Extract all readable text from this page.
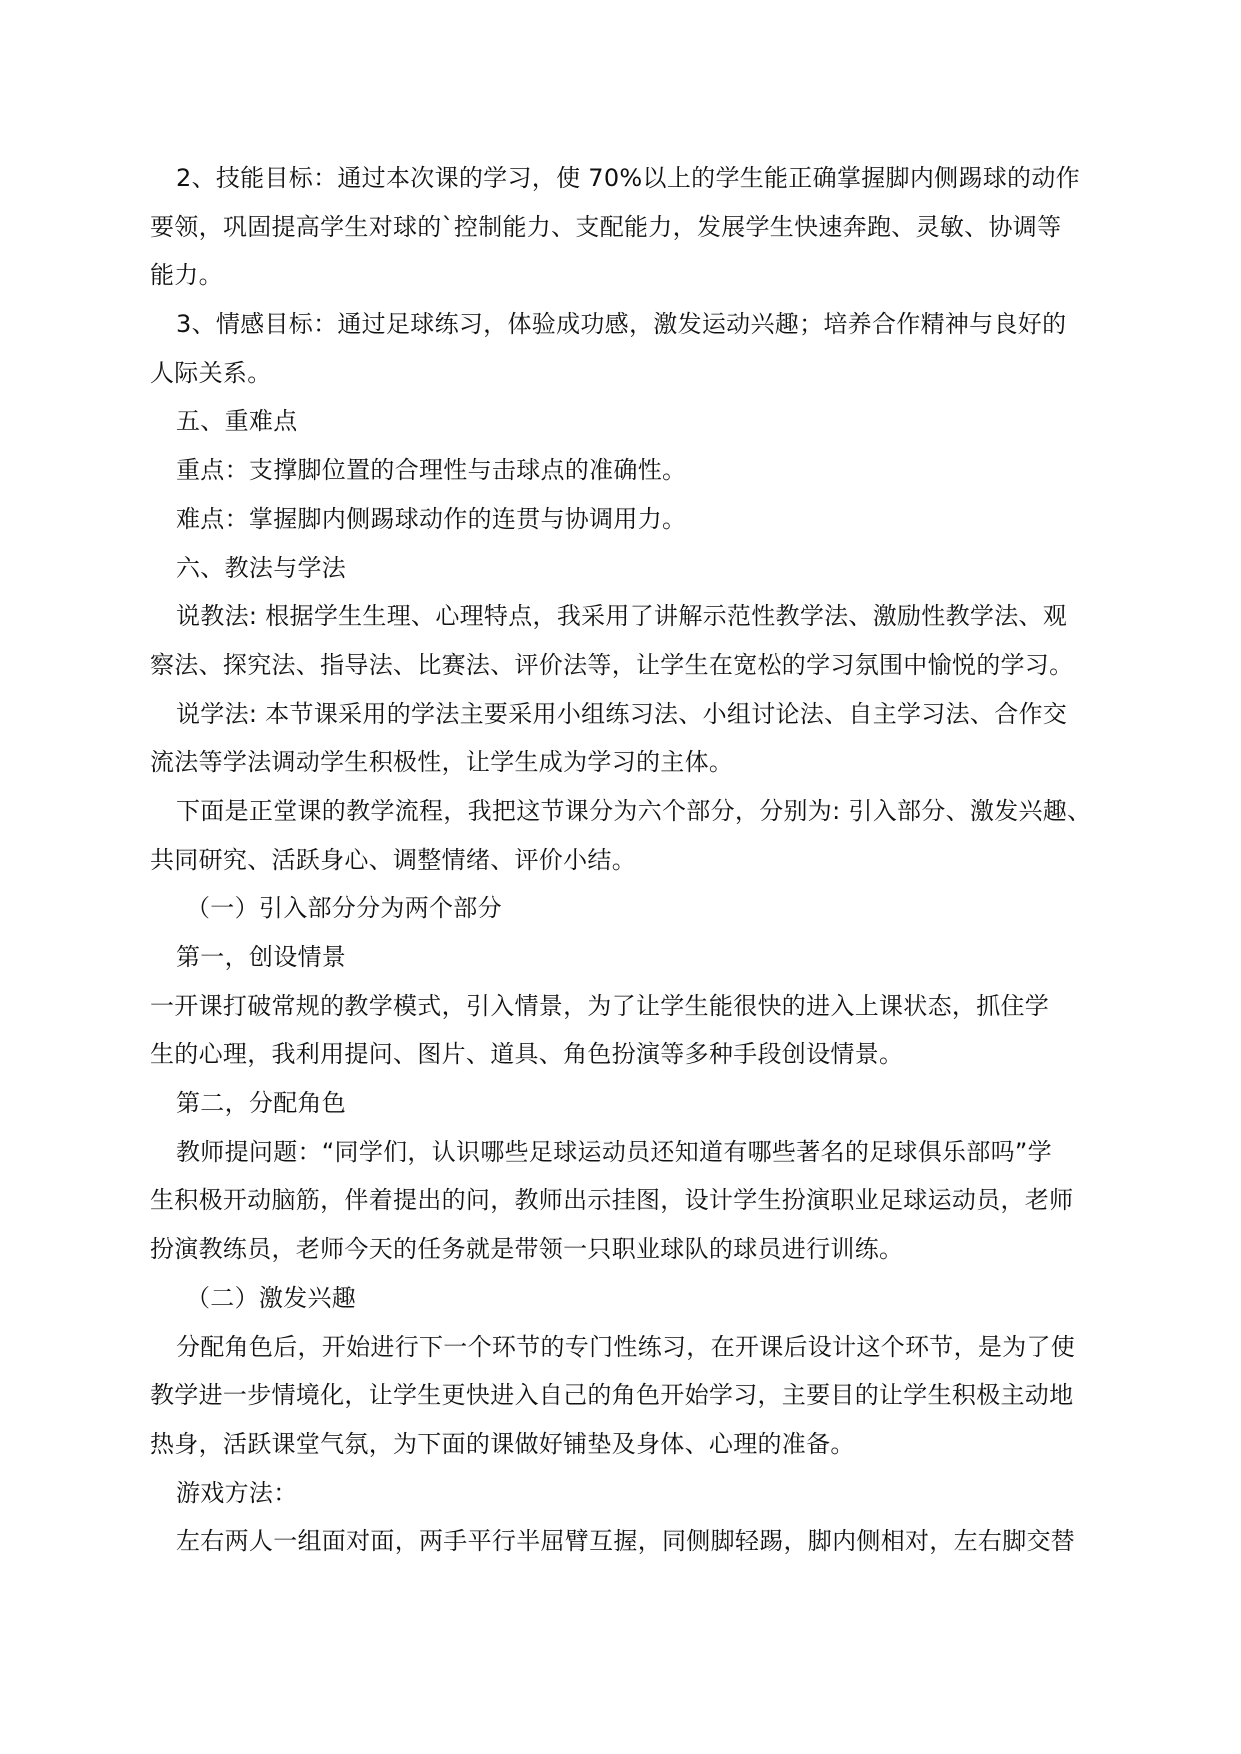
2、技能目标：通过本次课的学习，使 70%以上的学生能正确掌握脚内侧踢球的动作
要领，巩固提高学生对球的`控制能力、支配能力，发展学生快速奔跑、灵敏、协调等
能力。
3、情感目标：通过足球练习，体验成功感，激发运动兴趣；培养合作精神与良好的
人际关系。
五、重难点
重点：支撑脚位置的合理性与击球点的准确性。
难点：掌握脚内侧踢球动作的连贯与协调用力。
六、教法与学法
说教法: 根据学生生理、心理特点，我采用了讲解示范性教学法、激励性教学法、观
察法、探究法、指导法、比赛法、评价法等，让学生在宽松的学习氛围中愉悦的学习。
说学法: 本节课采用的学法主要采用小组练习法、小组讨论法、自主学习法、合作交
流法等学法调动学生积极性，让学生成为学习的主体。
下面是正堂课的教学流程，我把这节课分为六个部分，分别为: 引入部分、激发兴趣、
共同研究、活跃身心、调整情绪、评价小结。
（一）引入部分分为两个部分
第一，创设情景
一开课打破常规的教学模式，引入情景，为了让学生能很快的进入上课状态，抓住学
生的心理，我利用提问、图片、道具、角色扮演等多种手段创设情景。
第二，分配角色
教师提问题：“同学们，认识哪些足球运动员还知道有哪些著名的足球俱乐部吗”学
生积极开动脑筋，伴着提出的问，教师出示挂图，设计学生扮演职业足球运动员，老师
扮演教练员，老师今天的任务就是带领一只职业球队的球员进行训练。
（二）激发兴趣
分配角色后，开始进行下一个环节的专门性练习，在开课后设计这个环节，是为了使
教学进一步情境化，让学生更快进入自己的角色开始学习，主要目的让学生积极主动地
热身，活跃课堂气氛，为下面的课做好铺垫及身体、心理的准备。
游戏方法：
左右两人一组面对面，两手平行半屈臂互握，同侧脚轻踢，脚内侧相对，左右脚交替
